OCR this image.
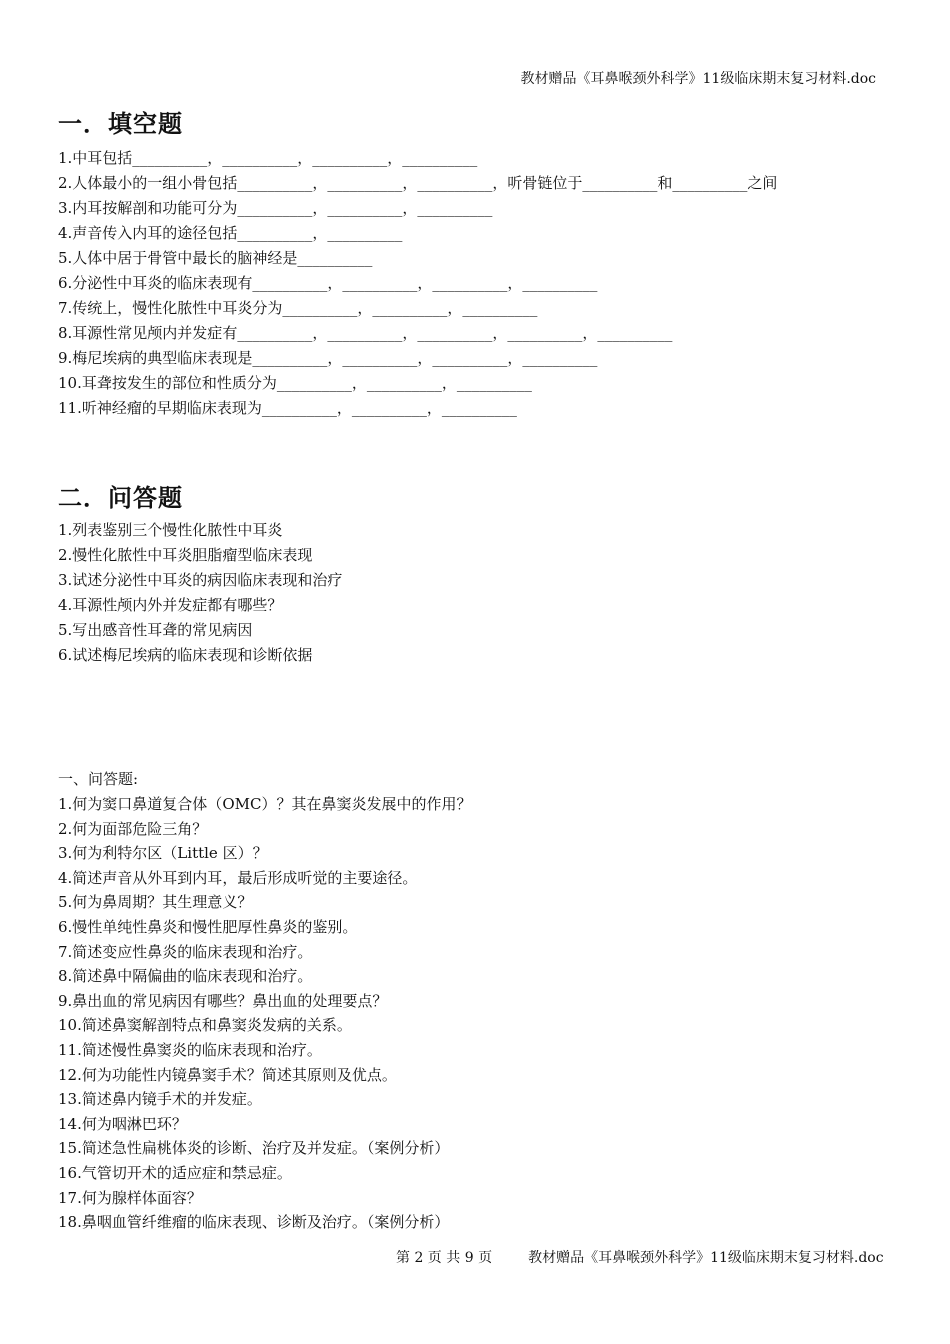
教材赠品《耳鼻喉颈外科学》11级临床期末复习材料.doc
一．填空题
1.中耳包括__________，__________，__________，__________
2.人体最小的一组小骨包括__________，__________，__________，听骨链位于__________和__________之间
3.内耳按解剖和功能可分为__________，__________，__________
4.声音传入内耳的途径包括__________，__________
5.人体中居于骨管中最长的脑神经是__________
6.分泌性中耳炎的临床表现有__________，__________，__________，__________
7.传统上，慢性化脓性中耳炎分为__________，__________，__________
8.耳源性常见颅内并发症有__________，__________，__________，__________，__________
9.梅尼埃病的典型临床表现是__________，__________，__________，__________
10.耳聋按发生的部位和性质分为__________，__________，__________
11.听神经瘤的早期临床表现为__________，__________，__________
二．问答题
1.列表鉴别三个慢性化脓性中耳炎
2.慢性化脓性中耳炎胆脂瘤型临床表现
3.试述分泌性中耳炎的病因临床表现和治疗
4.耳源性颅内外并发症都有哪些？
5.写出感音性耳聋的常见病因
6.试述梅尼埃病的临床表现和诊断依据
一、问答题:
1.何为窦口鼻道复合体（OMC）？其在鼻窦炎发展中的作用？
2.何为面部危险三角？
3.何为利特尔区（Little 区）？
4.简述声音从外耳到内耳，最后形成听觉的主要途径。
5.何为鼻周期？其生理意义？
6.慢性单纯性鼻炎和慢性肥厚性鼻炎的鉴别。
7.简述变应性鼻炎的临床表现和治疗。
8.简述鼻中隔偏曲的临床表现和治疗。
9.鼻出血的常见病因有哪些？鼻出血的处理要点？
10.简述鼻窦解剖特点和鼻窦炎发病的关系。
11.简述慢性鼻窦炎的临床表现和治疗。
12.何为功能性内镜鼻窦手术？简述其原则及优点。
13.简述鼻内镜手术的并发症。
14.何为咽淋巴环？
15.简述急性扁桃体炎的诊断、治疗及并发症。（案例分析）
16.气管切开术的适应症和禁忌症。
17.何为腺样体面容？
18.鼻咽血管纤维瘤的临床表现、诊断及治疗。（案例分析）
第 2 页 共 9 页	教材赠品《耳鼻喉颈外科学》11级临床期末复习材料.doc
